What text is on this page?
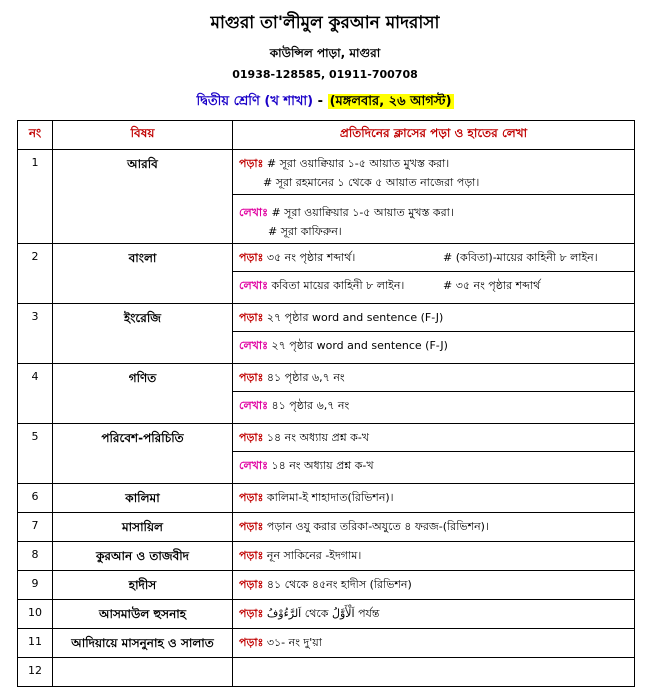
মাগুরা তা'লীমুল কুরআন মাদরাসা
কাউন্সিল পাড়া, মাগুরা
01938-128585, 01911-700708
দ্বিতীয় শ্রেণি (খ শাখা) - (মঙ্গলবার, ২৬ আগস্ট)
নং	বিষয়	প্রতিদিনের ক্লাসের পড়া ও হাতের লেখা
1	আরবি	পড়াঃ # সূরা ওয়াক্বিয়ার ১-৫ আয়াত মুখস্ত করা।
# সূরা রহমানের ১ থেকে ৫ আয়াত নাজেরা পড়া।
লেখাঃ # সূরা ওয়াক্বিয়ার ১-৫ আয়াত মুখস্ত করা।
# সূরা কাফিরুন।

2	বাংলা	পড়াঃ ৩৫ নং পৃষ্ঠার শব্দার্থ। # (কবিতা)-মায়ের কাহিনী ৮ লাইন।
লেখাঃ কবিতা মায়ের কাহিনী ৮ লাইন। # ৩৫ নং পৃষ্ঠার শব্দার্থ

3	ইংরেজি	পড়াঃ ২৭ পৃষ্ঠার word and sentence (F-J)
লেখাঃ ২৭ পৃষ্ঠার word and sentence (F-J)

4	গণিত	পড়াঃ ৪১ পৃষ্ঠার ৬,৭ নং
লেখাঃ ৪১ পৃষ্ঠার ৬,৭ নং

5	পরিবেশ-পরিচিতি	পড়াঃ ১৪ নং অধ্যায় প্রশ্ন ক-খ
লেখাঃ ১৪ নং অধ্যায় প্রশ্ন ক-খ

6	কালিমা	পড়াঃ কালিমা-ই শাহাদাত(রিভিশন)।

7	মাসায়িল	পড়াঃ পড়ান ওযু করার তরিকা-অযুতে ৪ ফরজ-(রিভিশন)।

8	কুরআন ও তাজবীদ	পড়াঃ নূন সাকিনের -ইদগাম।

9	হাদীস	পড়াঃ ৪১ থেকে ৪৫নং হাদীস (রিভিশন)

10	আসমাউল হুসনাহ	পড়াঃ اَلرَّءُوْفُ থেকে اَلْأَوَّلُ পর্যন্ত

11	আদিয়ায়ে মাসনুনাহ ও সালাত	পড়াঃ ৩১- নং দু'য়া

12		
